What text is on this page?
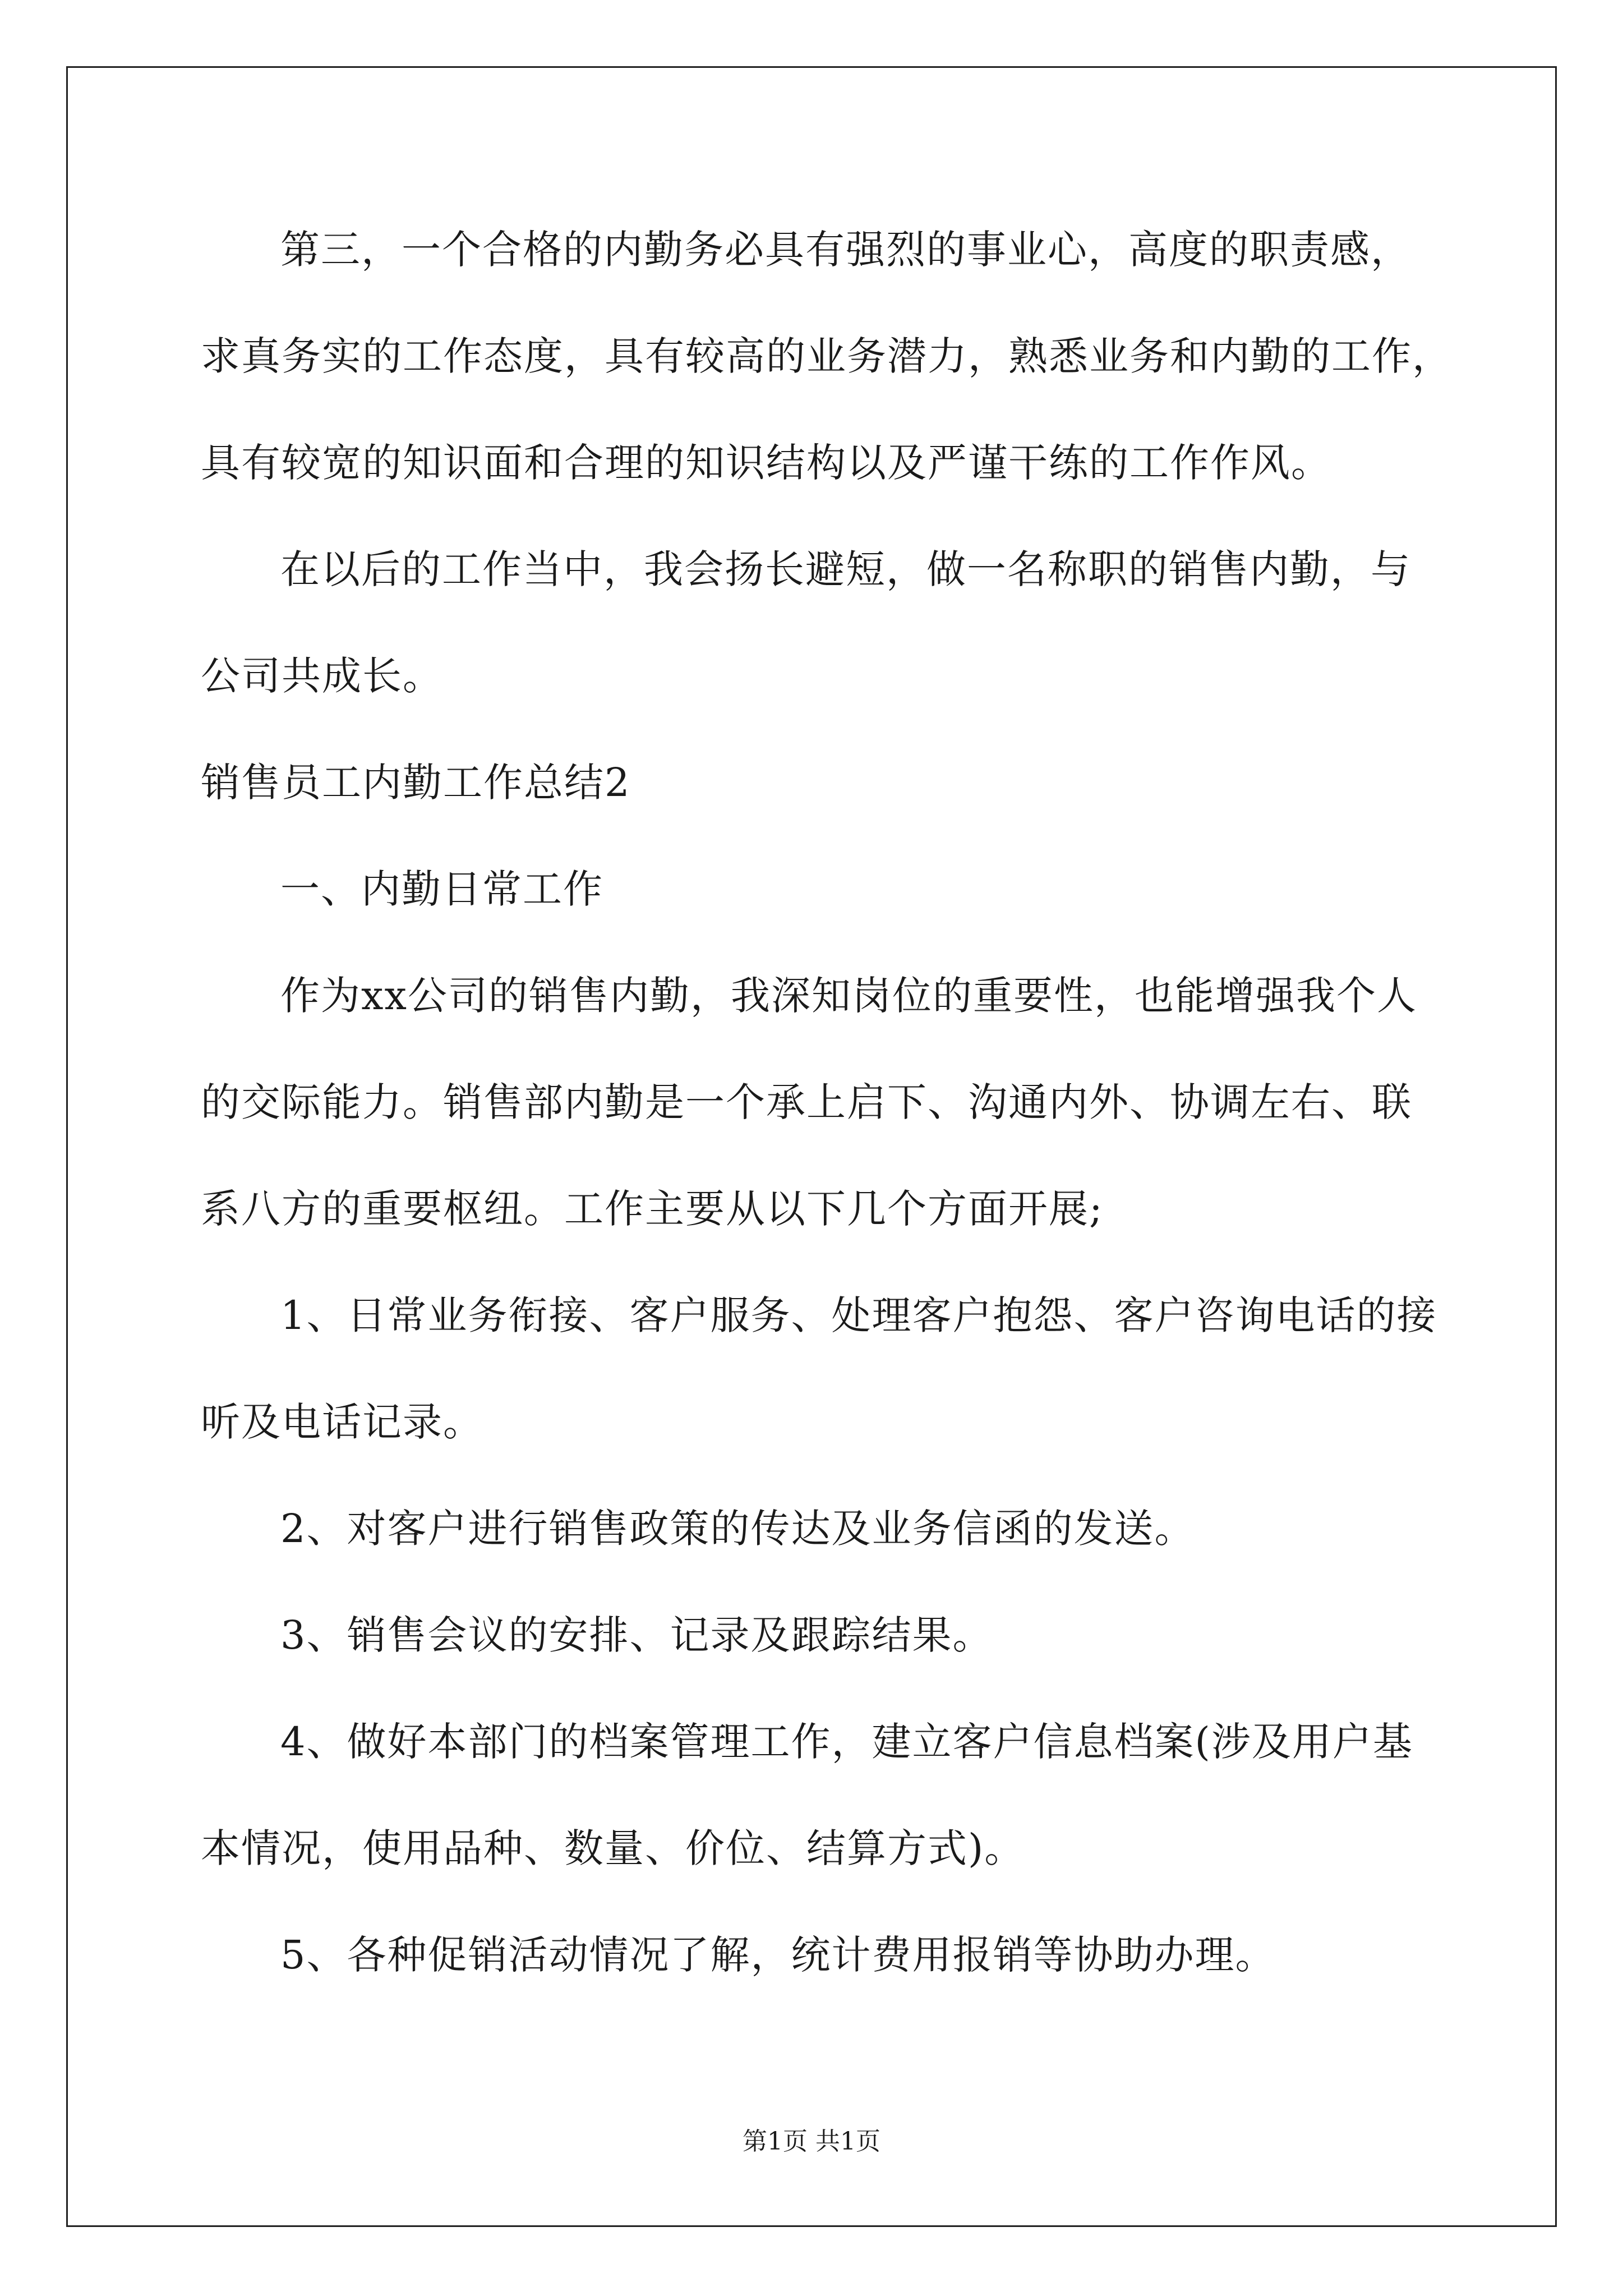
第三，一个合格的内勤务必具有强烈的事业心，高度的职责感，
求真务实的工作态度，具有较高的业务潜力，熟悉业务和内勤的工作，
具有较宽的知识面和合理的知识结构以及严谨干练的工作作风。
在以后的工作当中，我会扬长避短，做一名称职的销售内勤，与
公司共成长。
销售员工内勤工作总结2
一、内勤日常工作
作为xx公司的销售内勤，我深知岗位的重要性，也能增强我个人
的交际能力。销售部内勤是一个承上启下、沟通内外、协调左右、联
系八方的重要枢纽。工作主要从以下几个方面开展;
1、日常业务衔接、客户服务、处理客户抱怨、客户咨询电话的接
听及电话记录。
2、对客户进行销售政策的传达及业务信函的发送。
3、销售会议的安排、记录及跟踪结果。
4、做好本部门的档案管理工作，建立客户信息档案(涉及用户基
本情况，使用品种、数量、价位、结算方式)。
5、各种促销活动情况了解，统计费用报销等协助办理。
第1页 共1页
